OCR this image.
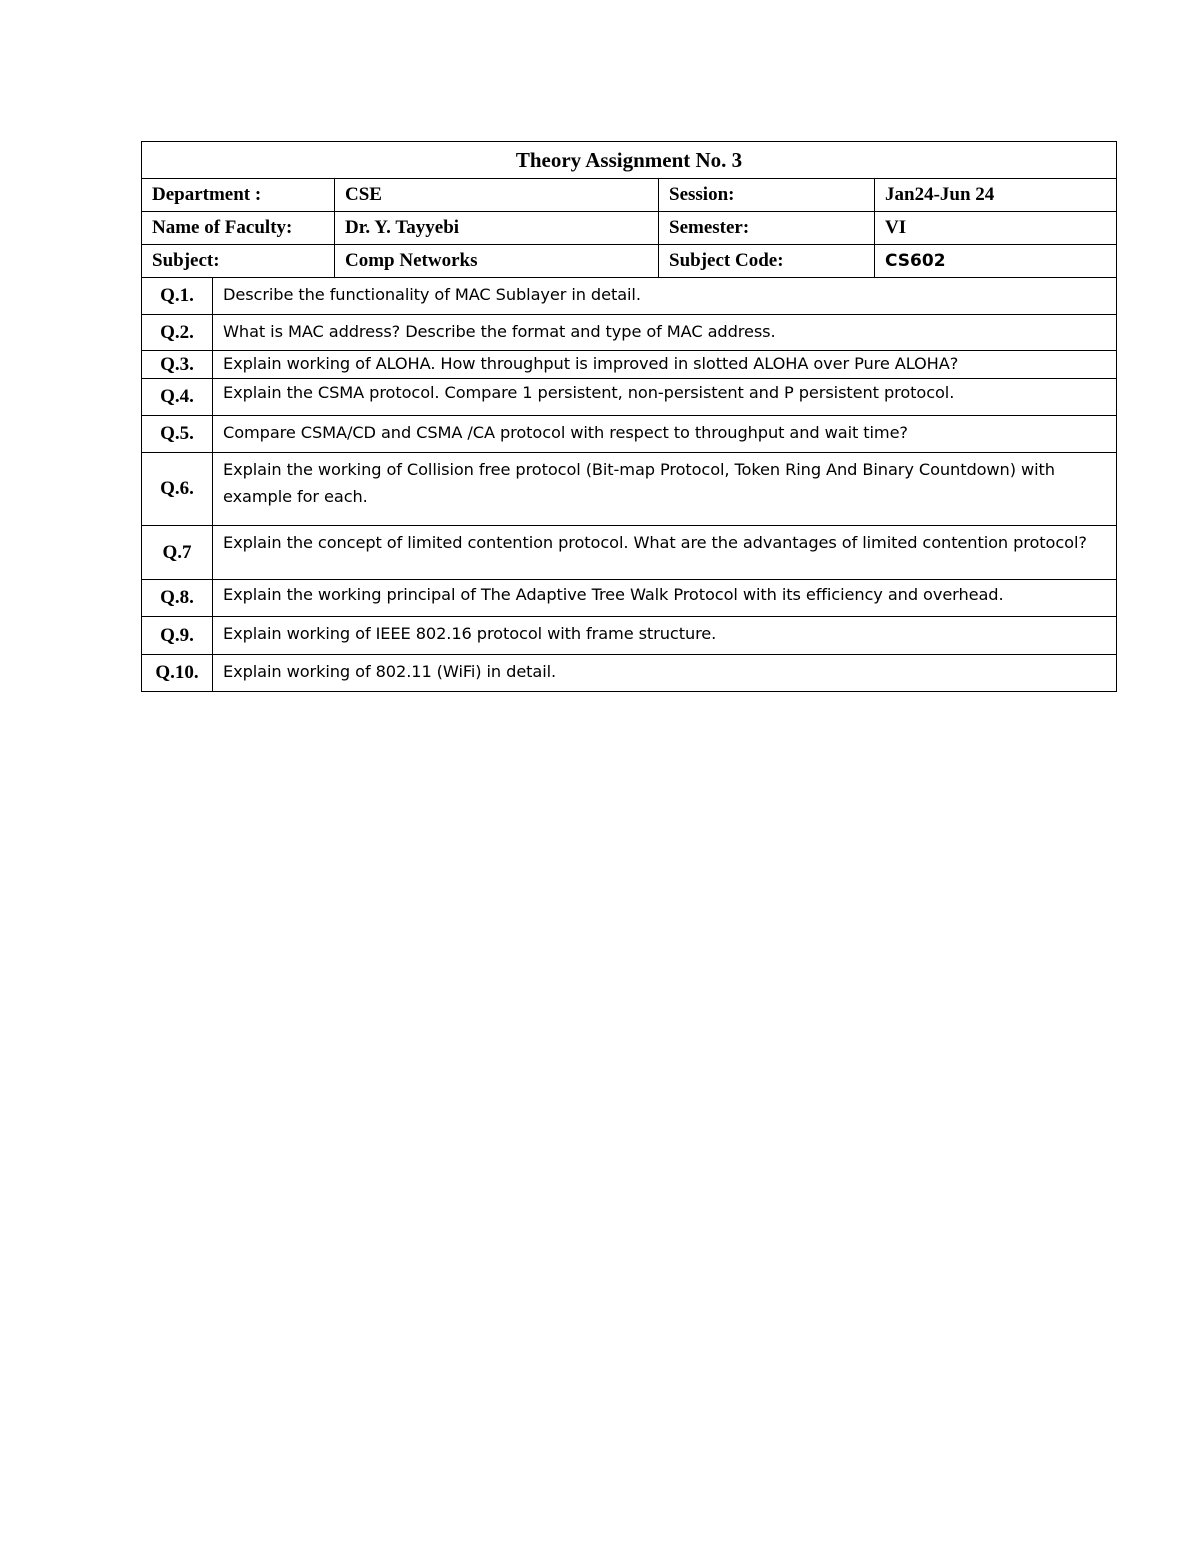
Theory Assignment No. 3				
Department :		CSE	Session:	Jan24-Jun 24
Name of Faculty:		Dr. Y. Tayyebi	Semester:	VI
Subject:		Comp Networks	Subject Code:	CS602
Q.1.	Describe the functionality of MAC Sublayer in detail.			
Q.2.	What is MAC address? Describe the format and type of MAC address.			
Q.3.	Explain working of ALOHA. How throughput is improved in slotted ALOHA over Pure ALOHA?			
Q.4.	Explain the CSMA protocol. Compare 1 persistent, non-persistent and P persistent protocol.			
Q.5.	Compare CSMA/CD and CSMA /CA protocol with respect to throughput and wait time?			
Q.6.	Explain the working of Collision free protocol (Bit-map Protocol, Token Ring And Binary Countdown) with example for each.			
Q.7	Explain the concept of limited contention protocol. What are the advantages of limited contention protocol?			
Q.8.	Explain the working principal of The Adaptive Tree Walk Protocol with its efficiency and overhead.			
Q.9.	Explain working of IEEE 802.16 protocol with frame structure.			
Q.10.	Explain working of 802.11 (WiFi) in detail.			
